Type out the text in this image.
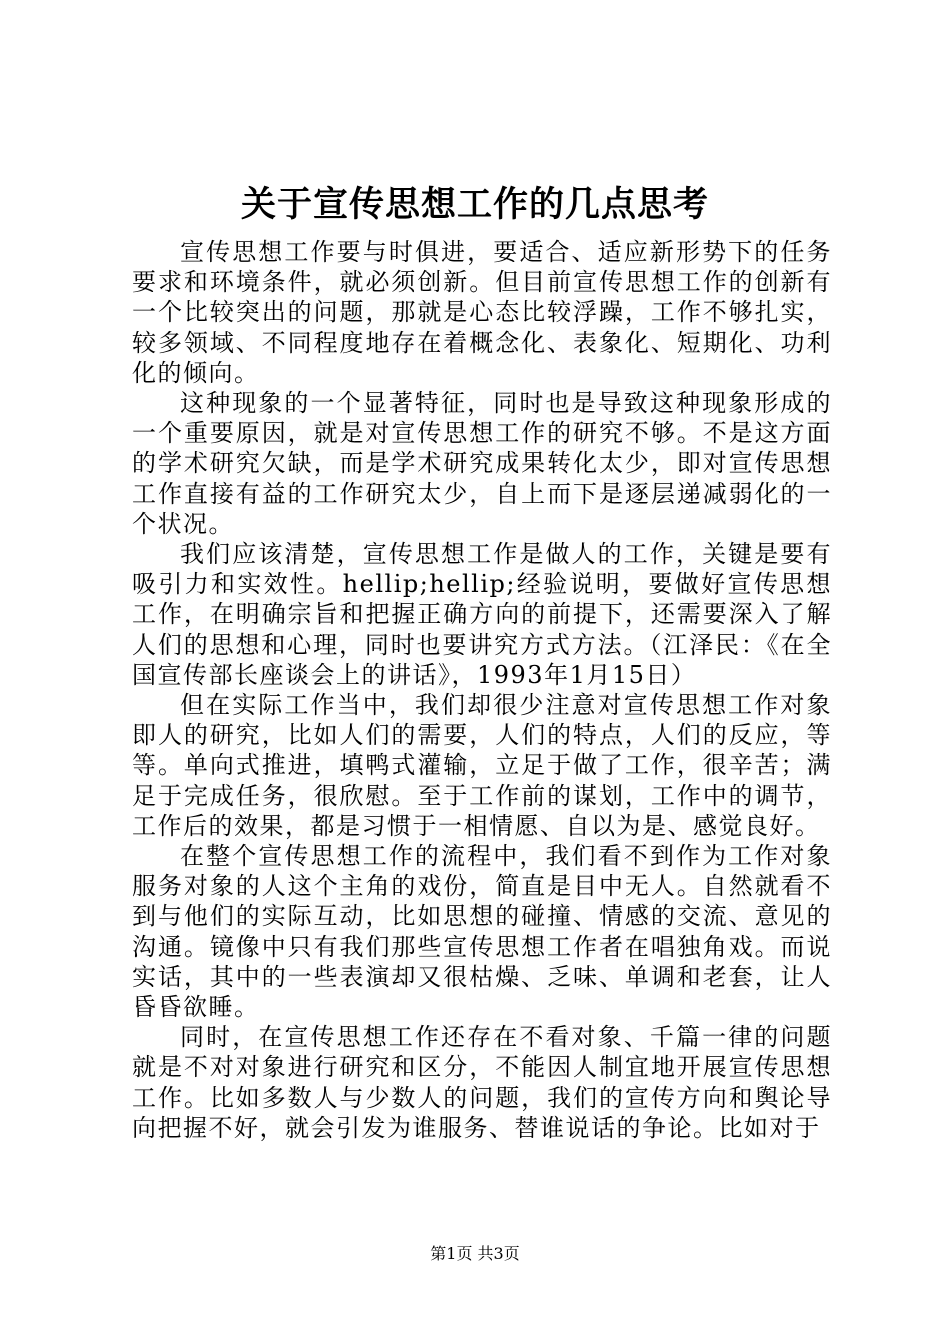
关于宣传思想工作的几点思考

宣传思想工作要与时俱进，要适合、适应新形势下的任务要求和环境条件，就必须创新。但目前宣传思想工作的创新有一个比较突出的问题，那就是心态比较浮躁，工作不够扎实，较多领域、不同程度地存在着概念化、表象化、短期化、功利化的倾向。

这种现象的一个显著特征，同时也是导致这种现象形成的一个重要原因，就是对宣传思想工作的研究不够。不是这方面的学术研究欠缺，而是学术研究成果转化太少，即对宣传思想工作直接有益的工作研究太少，自上而下是逐层递减弱化的一个状况。

我们应该清楚，宣传思想工作是做人的工作，关键是要有吸引力和实效性。hellip;hellip;经验说明，要做好宣传思想工作，在明确宗旨和把握正确方向的前提下，还需要深入了解人们的思想和心理，同时也要讲究方式方法。（江泽民：《在全国宣传部长座谈会上的讲话》，1993年1月15日）

但在实际工作当中，我们却很少注意对宣传思想工作对象即人的研究，比如人们的需要，人们的特点，人们的反应，等等。单向式推进，填鸭式灌输，立足于做了工作，很辛苦；满足于完成任务，很欣慰。至于工作前的谋划，工作中的调节，工作后的效果，都是习惯于一相情愿、自以为是、感觉良好。

在整个宣传思想工作的流程中，我们看不到作为工作对象服务对象的人这个主角的戏份，简直是目中无人。自然就看不到与他们的实际互动，比如思想的碰撞、情感的交流、意见的沟通。镜像中只有我们那些宣传思想工作者在唱独角戏。而说实话，其中的一些表演却又很枯燥、乏味、单调和老套，让人昏昏欲睡。

同时，在宣传思想工作还存在不看对象、千篇一律的问题就是不对对象进行研究和区分，不能因人制宜地开展宣传思想工作。比如多数人与少数人的问题，我们的宣传方向和舆论导向把握不好，就会引发为谁服务、替谁说话的争论。比如对于

第1页 共3页
